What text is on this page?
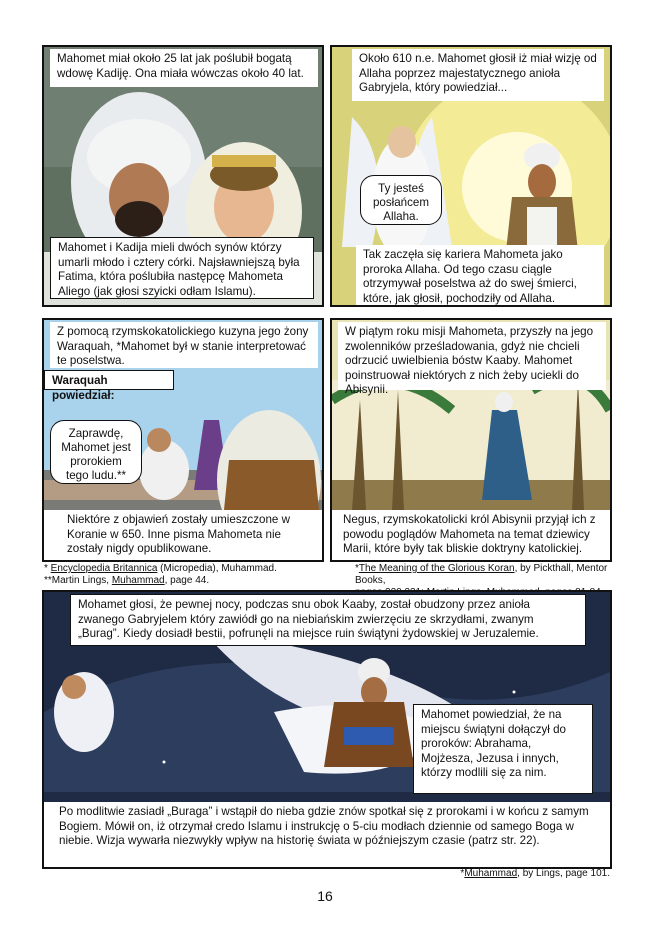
Mahomet miał około 25 lat jak poślubił bogatą wdowę Kadiję. Ona miała wówczas około 40 lat.
Mahomet i Kadija mieli dwóch synów którzy umarli młodo i cztery córki. Najsławniejszą była Fatima, która poślubiła następcę Mahometa Aliego (jak głosi szyicki odłam Islamu).
Około 610 n.e. Mahomet głosił iż miał wizję od Allaha poprzez majestatycznego anioła Gabryjela, który powiedział...
Ty jesteś posłańcem Allaha.
Tak zaczęła się kariera Mahometa jako proroka Allaha. Od tego czasu ciągle otrzymywał poselstwa aż do swej śmierci, które, jak głosił, pochodziły od Allaha.
Z pomocą rzymskokatolickiego kuzyna jego żony Waraquah, *Mahomet był w stanie interpretować te poselstwa.
Waraquah powiedział:
Zaprawdę, Mahomet jest prorokiem tego ludu.**
Niektóre z objawień zostały umieszczone w Koranie w 650. Inne pisma Mahometa nie zostały nigdy opublikowane.
W piątym roku misji Mahometa, przyszły na jego zwolenników prześladowania, gdyż nie chcieli odrzucić uwielbienia bóstw Kaaby. Mahomet poinstruował niektórych z nich żeby uciekli do Abisynii.
Negus, rzymskokatolicki król Abisynii przyjął ich z powodu poglądów Mahometa na temat dziewicy Marii, które były tak bliskie doktryny katolickiej.
* Encyclopedia Britannica (Micropedia), Muhammad.
**Martin Lings, Muhammad, page 44.
*The Meaning of the Glorious Koran, by Pickthall, Mentor Books,
Mohamet głosi, że pewnej nocy, podczas snu obok Kaaby, został obudzony przez anioła zwanego Gabryjelem który zawiódł go na niebiańskim zwierzęciu ze skrzydłami, zwanym „Burag”. Kiedy dosiadł bestii, pofrunęli na miejsce ruin świątyni żydowskiej w Jeruzalemie.
Mahomet powiedział, że na miejscu świątyni dołączył do proroków: Abrahama, Mojżesza, Jezusa i innych, którzy modlili się za nim.
Po modlitwie zasiadł „Buraga” i wstąpił do nieba gdzie znów spotkał się z prorokami i w końcu z samym Bogiem. Mówił on, iż otrzymał credo Islamu i instrukcję o 5-ciu modłach dziennie od samego Boga w niebie. Wizja wywarła niezwykły wpływ na historię świata w późniejszym czasie (patrz str. 22).
*Muhammad, by Lings, page 101.
16
